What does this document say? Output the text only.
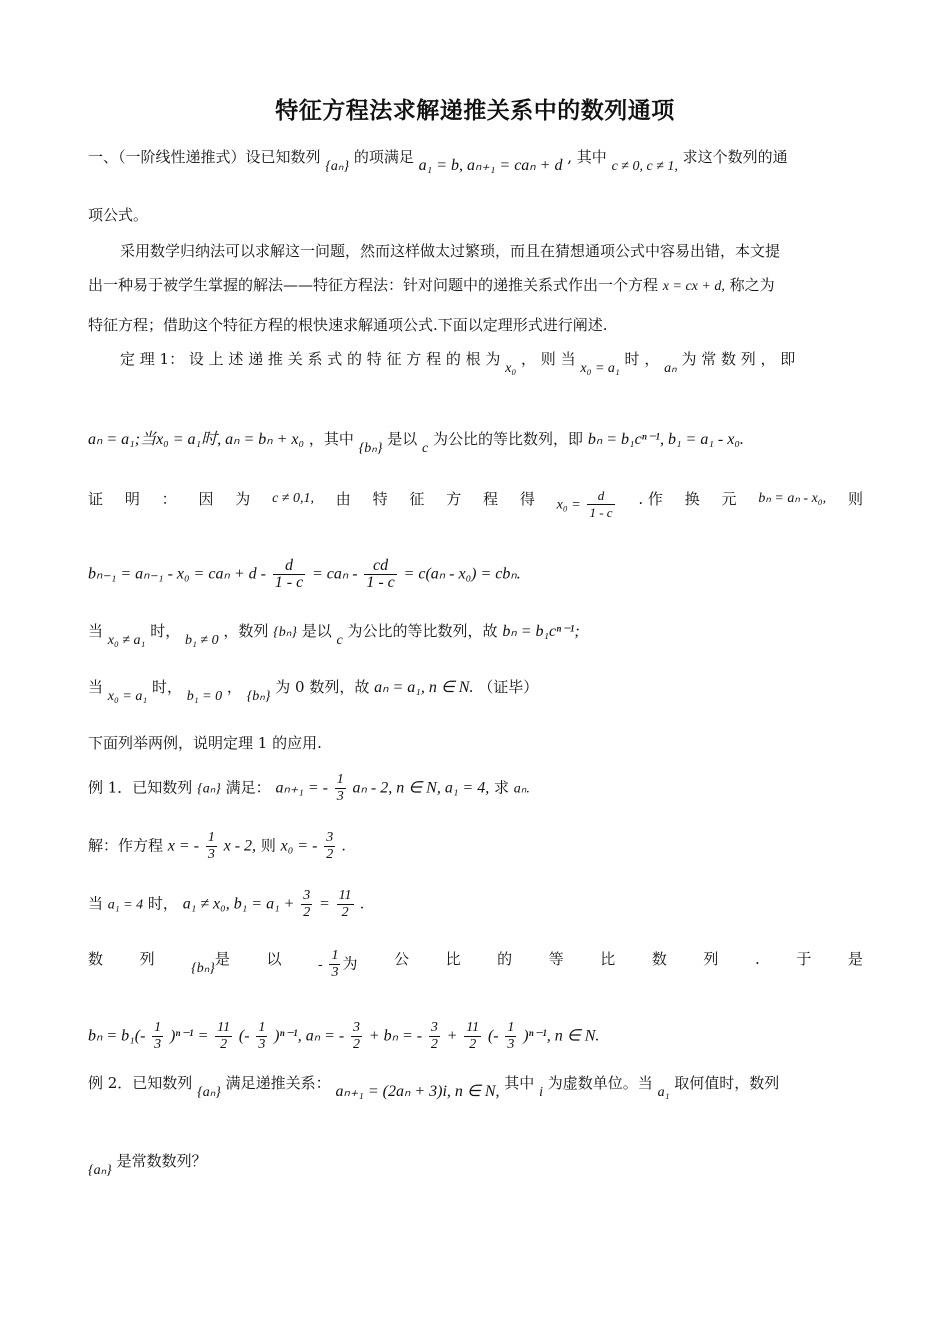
特征方程法求解递推关系中的数列通项
一、（一阶线性递推式）设已知数列 {aₙ} 的项满足 a₁ = b, aₙ₊₁ = caₙ + d , 其中 c ≠ 0, c ≠ 1, 求这个数列的通
项公式。
采用数学归纳法可以求解这一问题，然而这样做太过繁琐，而且在猜想通项公式中容易出错，本文提
出一种易于被学生掌握的解法——特征方程法：针对问题中的递推关系式作出一个方程 x = cx + d, 称之为
特征方程；借助这个特征方程的根快速求解通项公式.下面以定理形式进行阐述.
定 理 1： 设 上 述 递 推 关 系 式 的 特 征 方 程 的 根 为 x₀ ， 则 当 x₀ = a₁ 时 ， aₙ 为 常 数 列 ， 即
aₙ = a₁;当x₀ = a₁时, aₙ = bₙ + x₀ ，其中 {bₙ} 是以 c 为公比的等比数列，即 bₙ = b₁cⁿ⁻¹, b₁ = a₁ - x₀.
证 明 ： 因 为 c ≠ 0,1, 由 特 征 方 程 得 $x_0 = \frac{d}{1 - c}$ . 作 换 元 bₙ = aₙ - x₀, 则
$b_{n-1} = a_{n-1} - x_0 = ca_n + d - \frac{d}{1 - c} = ca_n - \frac{cd}{1 - c} = c(a_n - x_0) = cb_n$.
当 x₀ ≠ a₁ 时， b₁ ≠ 0 ，数列 {bₙ} 是以 c 为公比的等比数列，故 bₙ = b₁cⁿ⁻¹;
当 x₀ = a₁ 时， b₁ = 0 ， {bₙ} 为 0 数列，故 aₙ = a₁, n ∈ N. （证毕）
下面列举两例，说明定理 1 的应用.
例 1．已知数列 {aₙ} 满足： aₙ₊₁ = - $\frac{1}{3}$ aₙ - 2, n ∈ N, a₁ = 4, 求 aₙ.
解：作方程 x = - $\frac{1}{3}$ x - 2, 则 x₀ = - $\frac{3}{2}$ .
当 a₁ = 4 时， a₁ ≠ x₀, $b_1 = a_1 + \frac{3}{2} = \frac{11}{2}$ .
数 列
{bₙ}是 以	- $\frac{1}{3}$ 为 公 比 的 等 比 数 列 . 于 是
$b_n = b_1(- \frac{1}{3} )^{n-1} = \frac{11}{2}$ (- $\frac{1}{3} )^{n-1}$, aₙ = - $\frac{3}{2} + b_n$ = - $\frac{3}{2} + \frac{11}{2}$ (- $\frac{1}{3} )^{n-1}$, n ∈ N.
例 2．已知数列 {aₙ} 满足递推关系： aₙ₊₁ = (2aₙ + 3)i, n ∈ N, 其中 i 为虚数单位。当 a₁ 取何值时，数列
{aₙ} 是常数数列？
